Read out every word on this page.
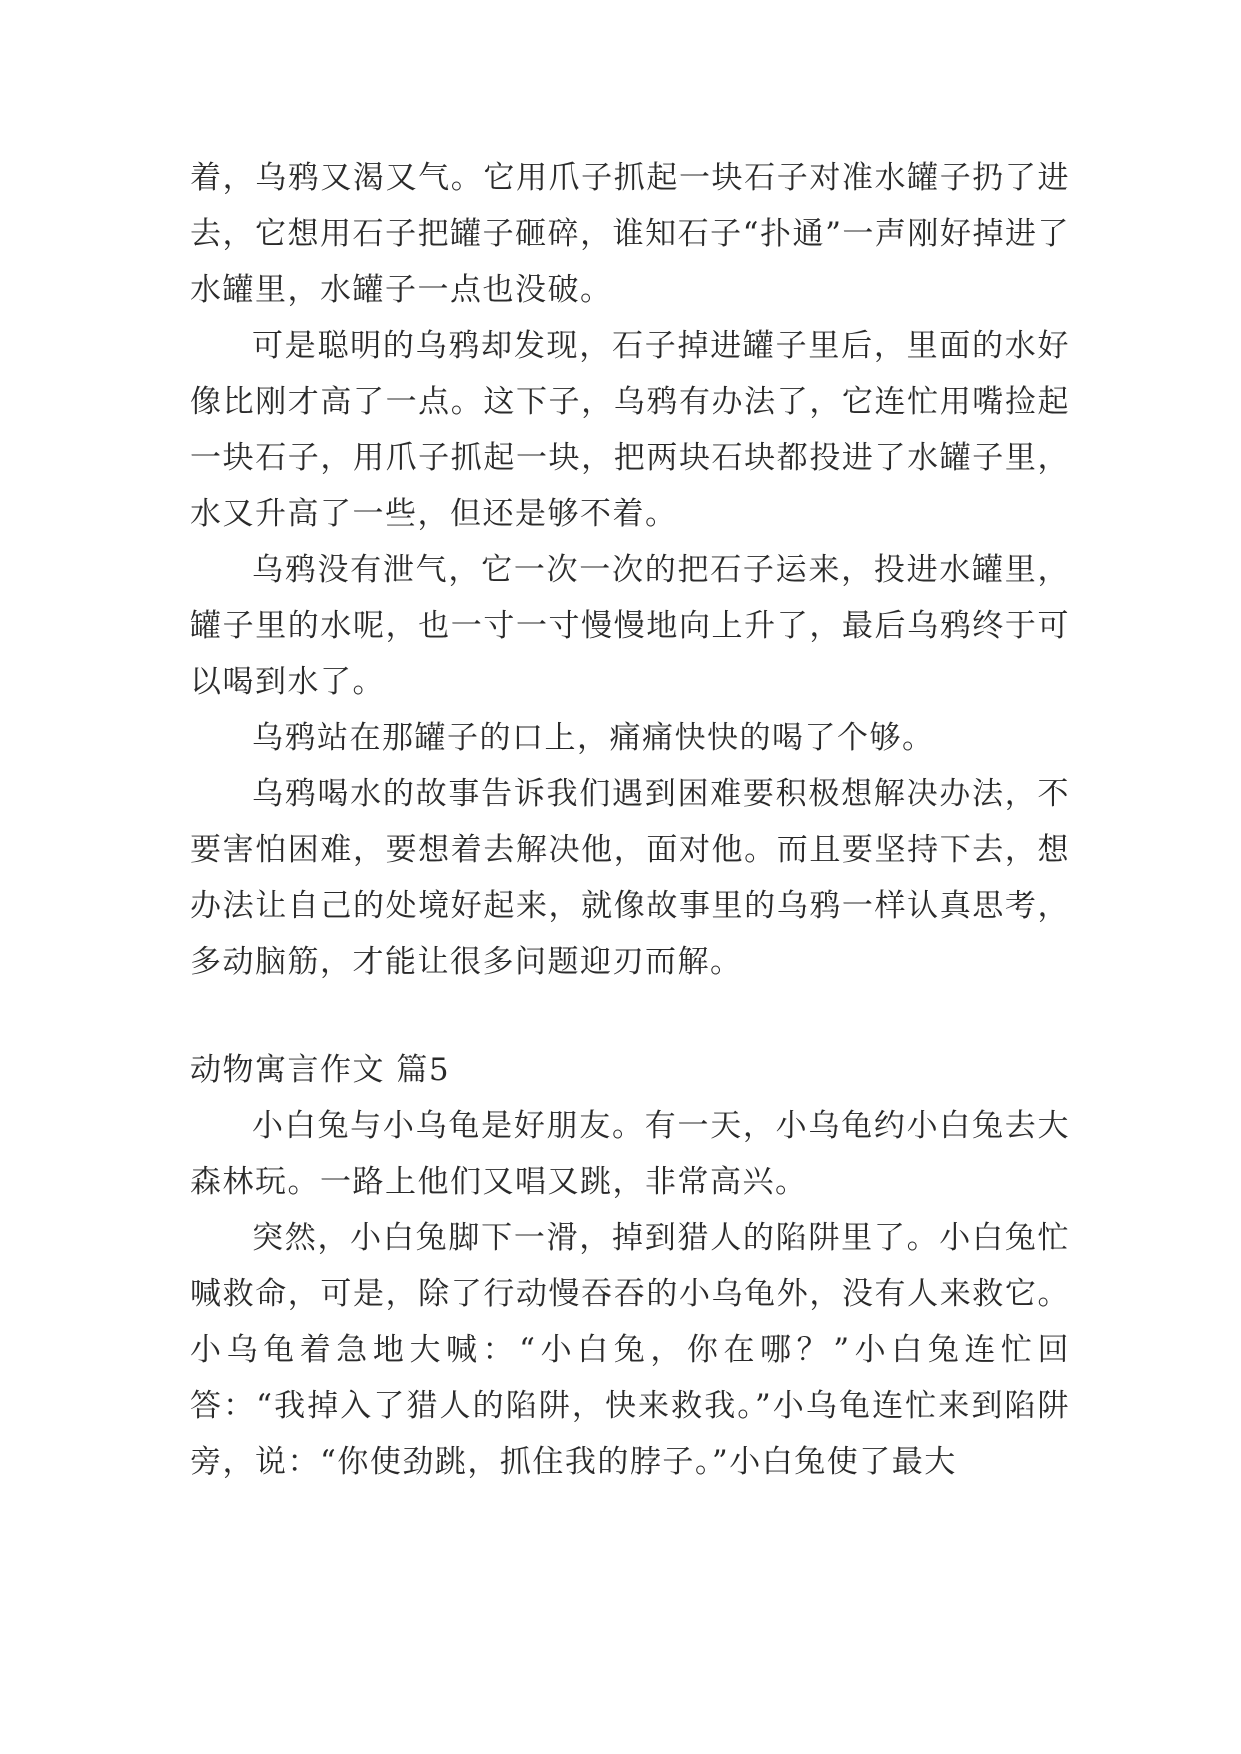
着，乌鸦又渴又气。它用爪子抓起一块石子对准水罐子扔了进去，它想用石子把罐子砸碎，谁知石子“扑通”一声刚好掉进了水罐里，水罐子一点也没破。

可是聪明的乌鸦却发现，石子掉进罐子里后，里面的水好像比刚才高了一点。这下子，乌鸦有办法了，它连忙用嘴捡起一块石子，用爪子抓起一块，把两块石块都投进了水罐子里，水又升高了一些，但还是够不着。

乌鸦没有泄气，它一次一次的把石子运来，投进水罐里，罐子里的水呢，也一寸一寸慢慢地向上升了，最后乌鸦终于可以喝到水了。

乌鸦站在那罐子的口上，痛痛快快的喝了个够。

乌鸦喝水的故事告诉我们遇到困难要积极想解决办法，不要害怕困难，要想着去解决他，面对他。而且要坚持下去，想办法让自己的处境好起来，就像故事里的乌鸦一样认真思考，多动脑筋，才能让很多问题迎刃而解。

动物寓言作文 篇5

小白兔与小乌龟是好朋友。有一天，小乌龟约小白兔去大森林玩。一路上他们又唱又跳，非常高兴。

突然，小白兔脚下一滑，掉到猎人的陷阱里了。小白兔忙喊救命，可是，除了行动慢吞吞的小乌龟外，没有人来救它。小乌龟着急地大喊：“小白兔，你在哪？”小白兔连忙回答：“我掉入了猎人的陷阱，快来救我。”小乌龟连忙来到陷阱旁，说：“你使劲跳，抓住我的脖子。”小白兔使了最大
